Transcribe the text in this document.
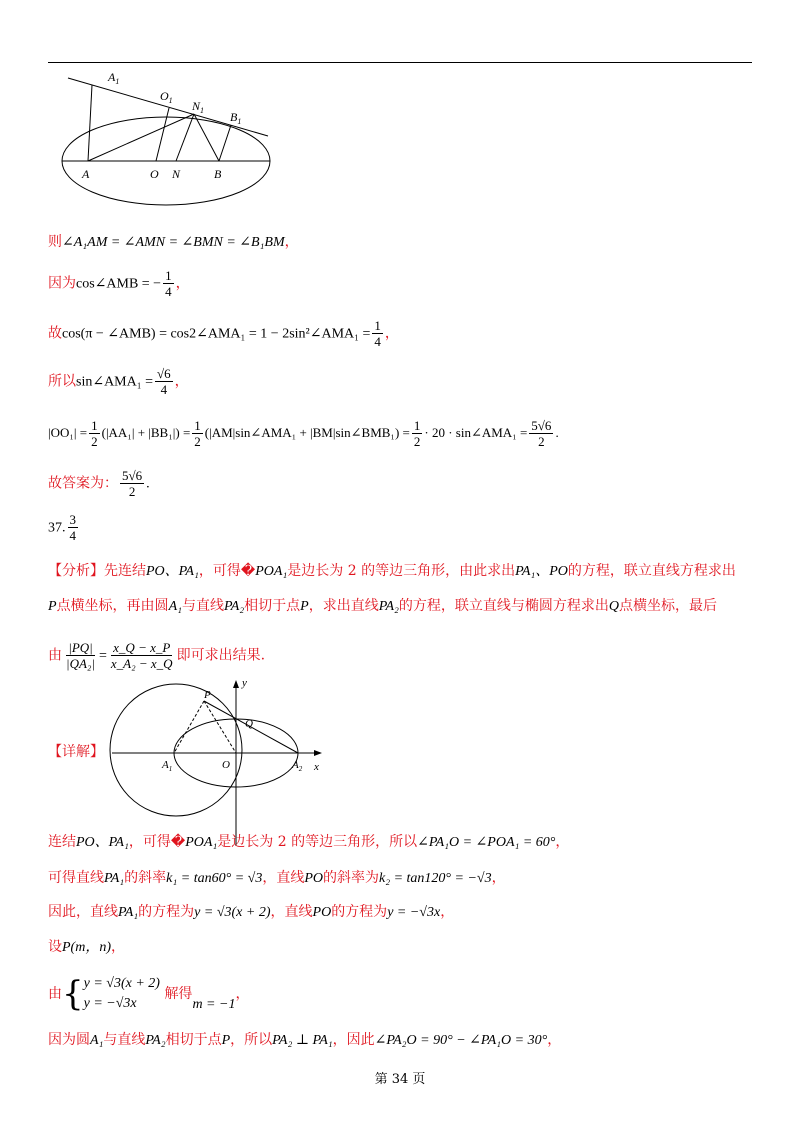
$A_1$
$O_1$ $N_1$ $B_1$
A	O N	B
则∠A₁AM = ∠AMN = ∠BMN = ∠B₁BM，
因为cos∠AMB = − $\frac{1}{4}$ ，
故cos(π − ∠AMB) = cos2∠AMA₁ = 1 − 2sin²∠AMA₁ = $\frac{1}{4}$ ，
所以sin∠AMA₁ = $\frac{√6}{4}$ ，
$|OO_1| = \frac{1}{2} (|AA_1| + |BB_1|) = \frac{1}{2}$ (|AM|sin∠AMA₁ + |BM|sin∠BMB₁) = $\frac{1}{2} \cdot 20$ · sin∠AMA₁ = $\frac{5√6}{2}$ .
故答案为： $\frac{5√6}{2}$ .
37. $\frac{3}{4}$
【分析】先连结PO、PA₁，可得�POA₁是边长为 2 的等边三角形，由此求出PA₁、PO的方程，联立直线方程求出
P点横坐标，再由圆A₁与直线PA₂相切于点P，求出直线PA₂的方程，联立直线与椭圆方程求出Q点横坐标，最后
由 $\frac{|PQ|}{\text{|QA₂|}} = \frac{x\_Q - x\_P}{\text{x\_A₂ − x\_Q}}$ 即可求出结果.
【详解】
P
Q
y
x
$A_1$	O	$A_2$
连结PO、PA₁，可得�POA₁是边长为 2 的等边三角形，所以∠PA₁O = ∠POA₁ = 60°，
可得直线PA₁的斜率k₁ = tan60° = √3，直线PO的斜率为k₂ = tan120° = −√3，
因此，直线PA₁的方程为y = √3(x + 2)，直线PO的方程为y = −√3x，
设P(m，n)，
由{ y = √3(x + 2)
y = −√3x
解得m = −1，
因为圆A₁与直线PA₂相切于点P，所以PA₂ ⊥ PA₁，因此∠PA₂O = 90° − ∠PA₁O = 30°，
第 34 页
